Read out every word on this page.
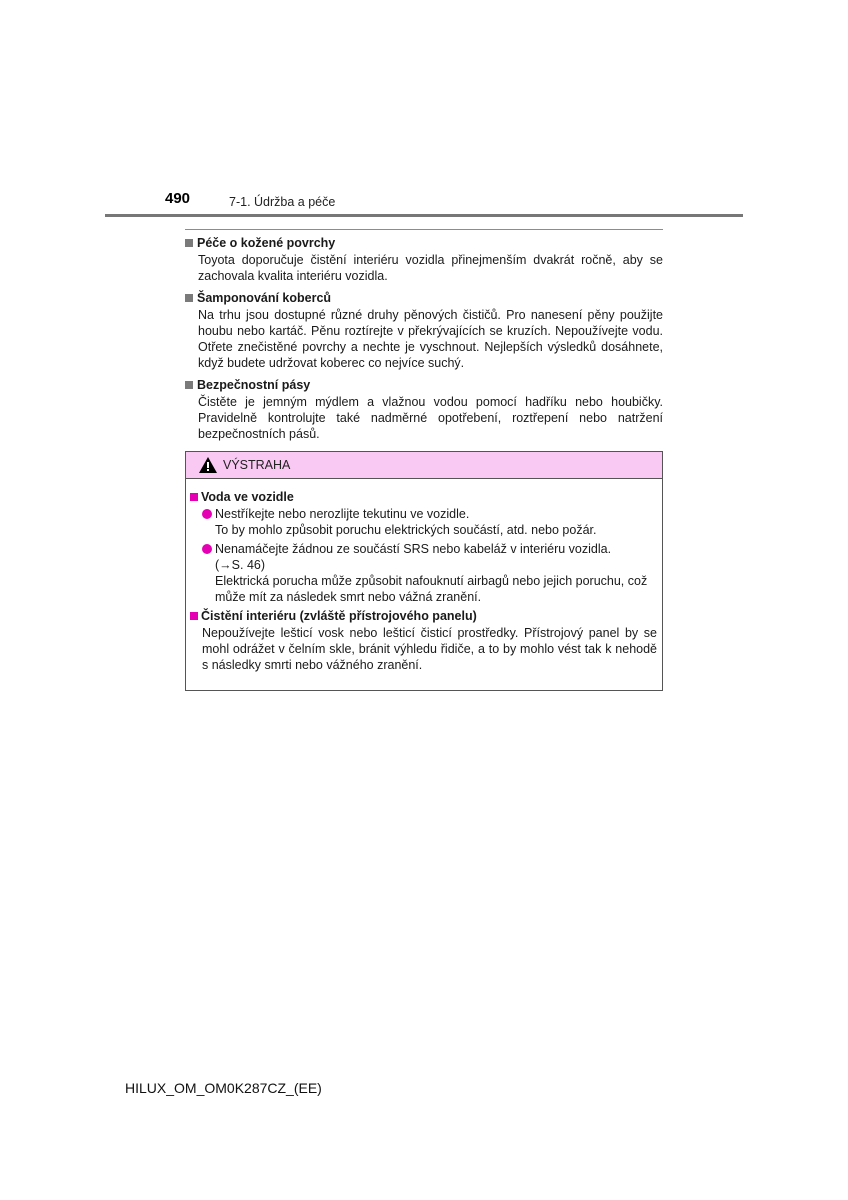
490	7-1. Údržba a péče
Péče o kožené povrchy
Toyota doporučuje čistění interiéru vozidla přinejmenším dvakrát ročně, aby se zachovala kvalita interiéru vozidla.
Šamponování koberců
Na trhu jsou dostupné různé druhy pěnových čističů. Pro nanesení pěny použijte houbu nebo kartáč. Pěnu roztírejte v překrývajících se kruzích. Nepoužívejte vodu. Otřete znečistěné povrchy a nechte je vyschnout. Nejlepších výsledků dosáhnete, když budete udržovat koberec co nejvíce suchý.
Bezpečnostní pásy
Čistěte je jemným mýdlem a vlažnou vodou pomocí hadříku nebo houbičky. Pravidelně kontrolujte také nadměrné opotřebení, roztřepení nebo natržení bezpečnostních pásů.
VÝSTRAHA
Voda ve vozidle
Nestříkejte nebo nerozlijte tekutinu ve vozidle.
To by mohlo způsobit poruchu elektrických součástí, atd. nebo požár.
Nenamáčejte žádnou ze součástí SRS nebo kabeláž v interiéru vozidla.
(→S. 46)
Elektrická porucha může způsobit nafouknutí airbagů nebo jejich poruchu, což může mít za následek smrt nebo vážná zranění.
Čistění interiéru (zvláště přístrojového panelu)
Nepoužívejte lešticí vosk nebo lešticí čisticí prostředky. Přístrojový panel by se mohl odrážet v čelním skle, bránit výhledu řidiče, a to by mohlo vést tak k nehodě s následky smrti nebo vážného zranění.
HILUX_OM_OM0K287CZ_(EE)
